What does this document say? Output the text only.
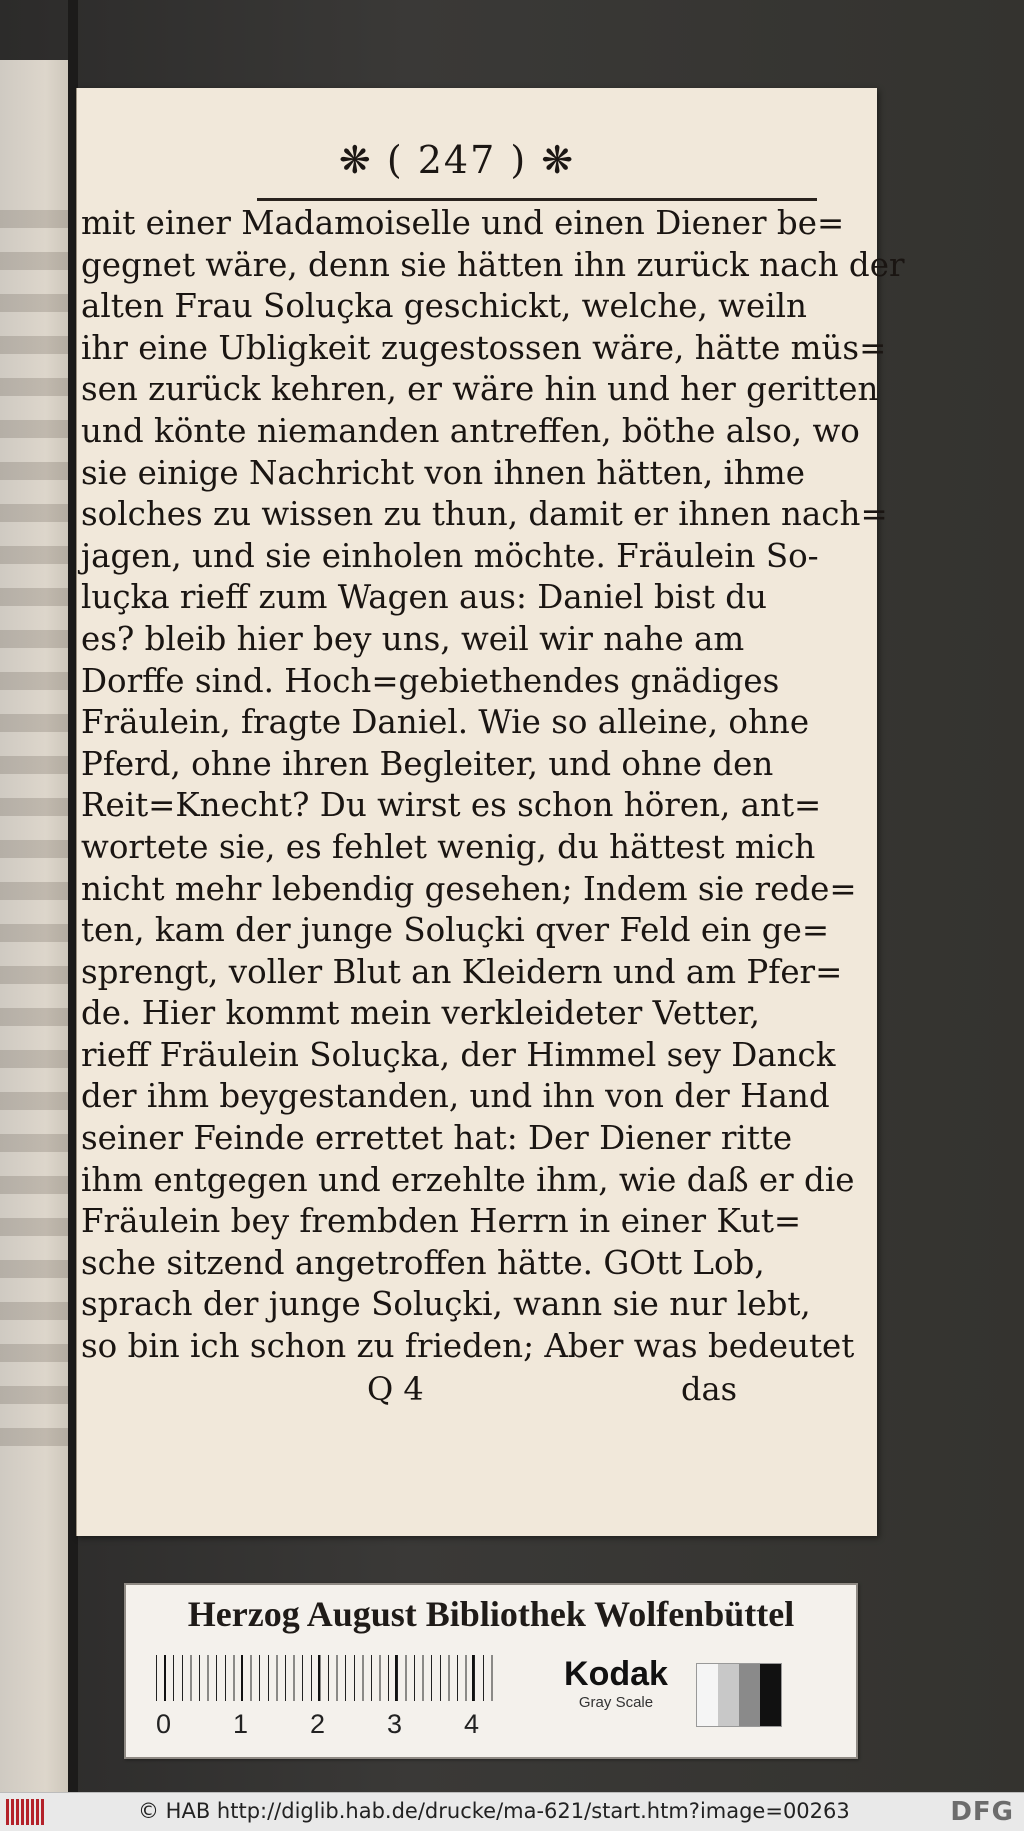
❋ ( 247 ) ❋
mit einer Madamoiselle und einen Diener be=
gegnet wäre, denn sie hätten ihn zurück nach der
alten Frau Soluçka geschickt, welche, weiln
ihr eine Ubligkeit zugestossen wäre, hätte müs=
sen zurück kehren, er wäre hin und her geritten
und könte niemanden antreffen, böthe also, wo
sie einige Nachricht von ihnen hätten, ihme
solches zu wissen zu thun, damit er ihnen nach=
jagen, und sie einholen möchte. Fräulein So-
luçka rieff zum Wagen aus: Daniel bist du
es? bleib hier bey uns, weil wir nahe am
Dorffe sind. Hoch=gebiethendes gnädiges
Fräulein, fragte Daniel. Wie so alleine, ohne
Pferd, ohne ihren Begleiter, und ohne den
Reit=Knecht? Du wirst es schon hören, ant=
wortete sie, es fehlet wenig, du hättest mich
nicht mehr lebendig gesehen; Indem sie rede=
ten, kam der junge Soluçki qver Feld ein ge=
sprengt, voller Blut an Kleidern und am Pfer=
de. Hier kommt mein verkleideter Vetter,
rieff Fräulein Soluçka, der Himmel sey Danck
der ihm beygestanden, und ihn von der Hand
seiner Feinde errettet hat: Der Diener ritte
ihm entgegen und erzehlte ihm, wie daß er die
Fräulein bey frembden Herrn in einer Kut=
sche sitzend angetroffen hätte. GOtt Lob,
sprach der junge Soluçki, wann sie nur lebt,
so bin ich schon zu frieden; Aber was bedeutet
Q 4	das
Herzog August Bibliothek Wolfenbüttel
0 1 2 3 4
Kodak
Gray Scale
© HAB http://diglib.hab.de/drucke/ma-621/start.htm?image=00263	DFG
